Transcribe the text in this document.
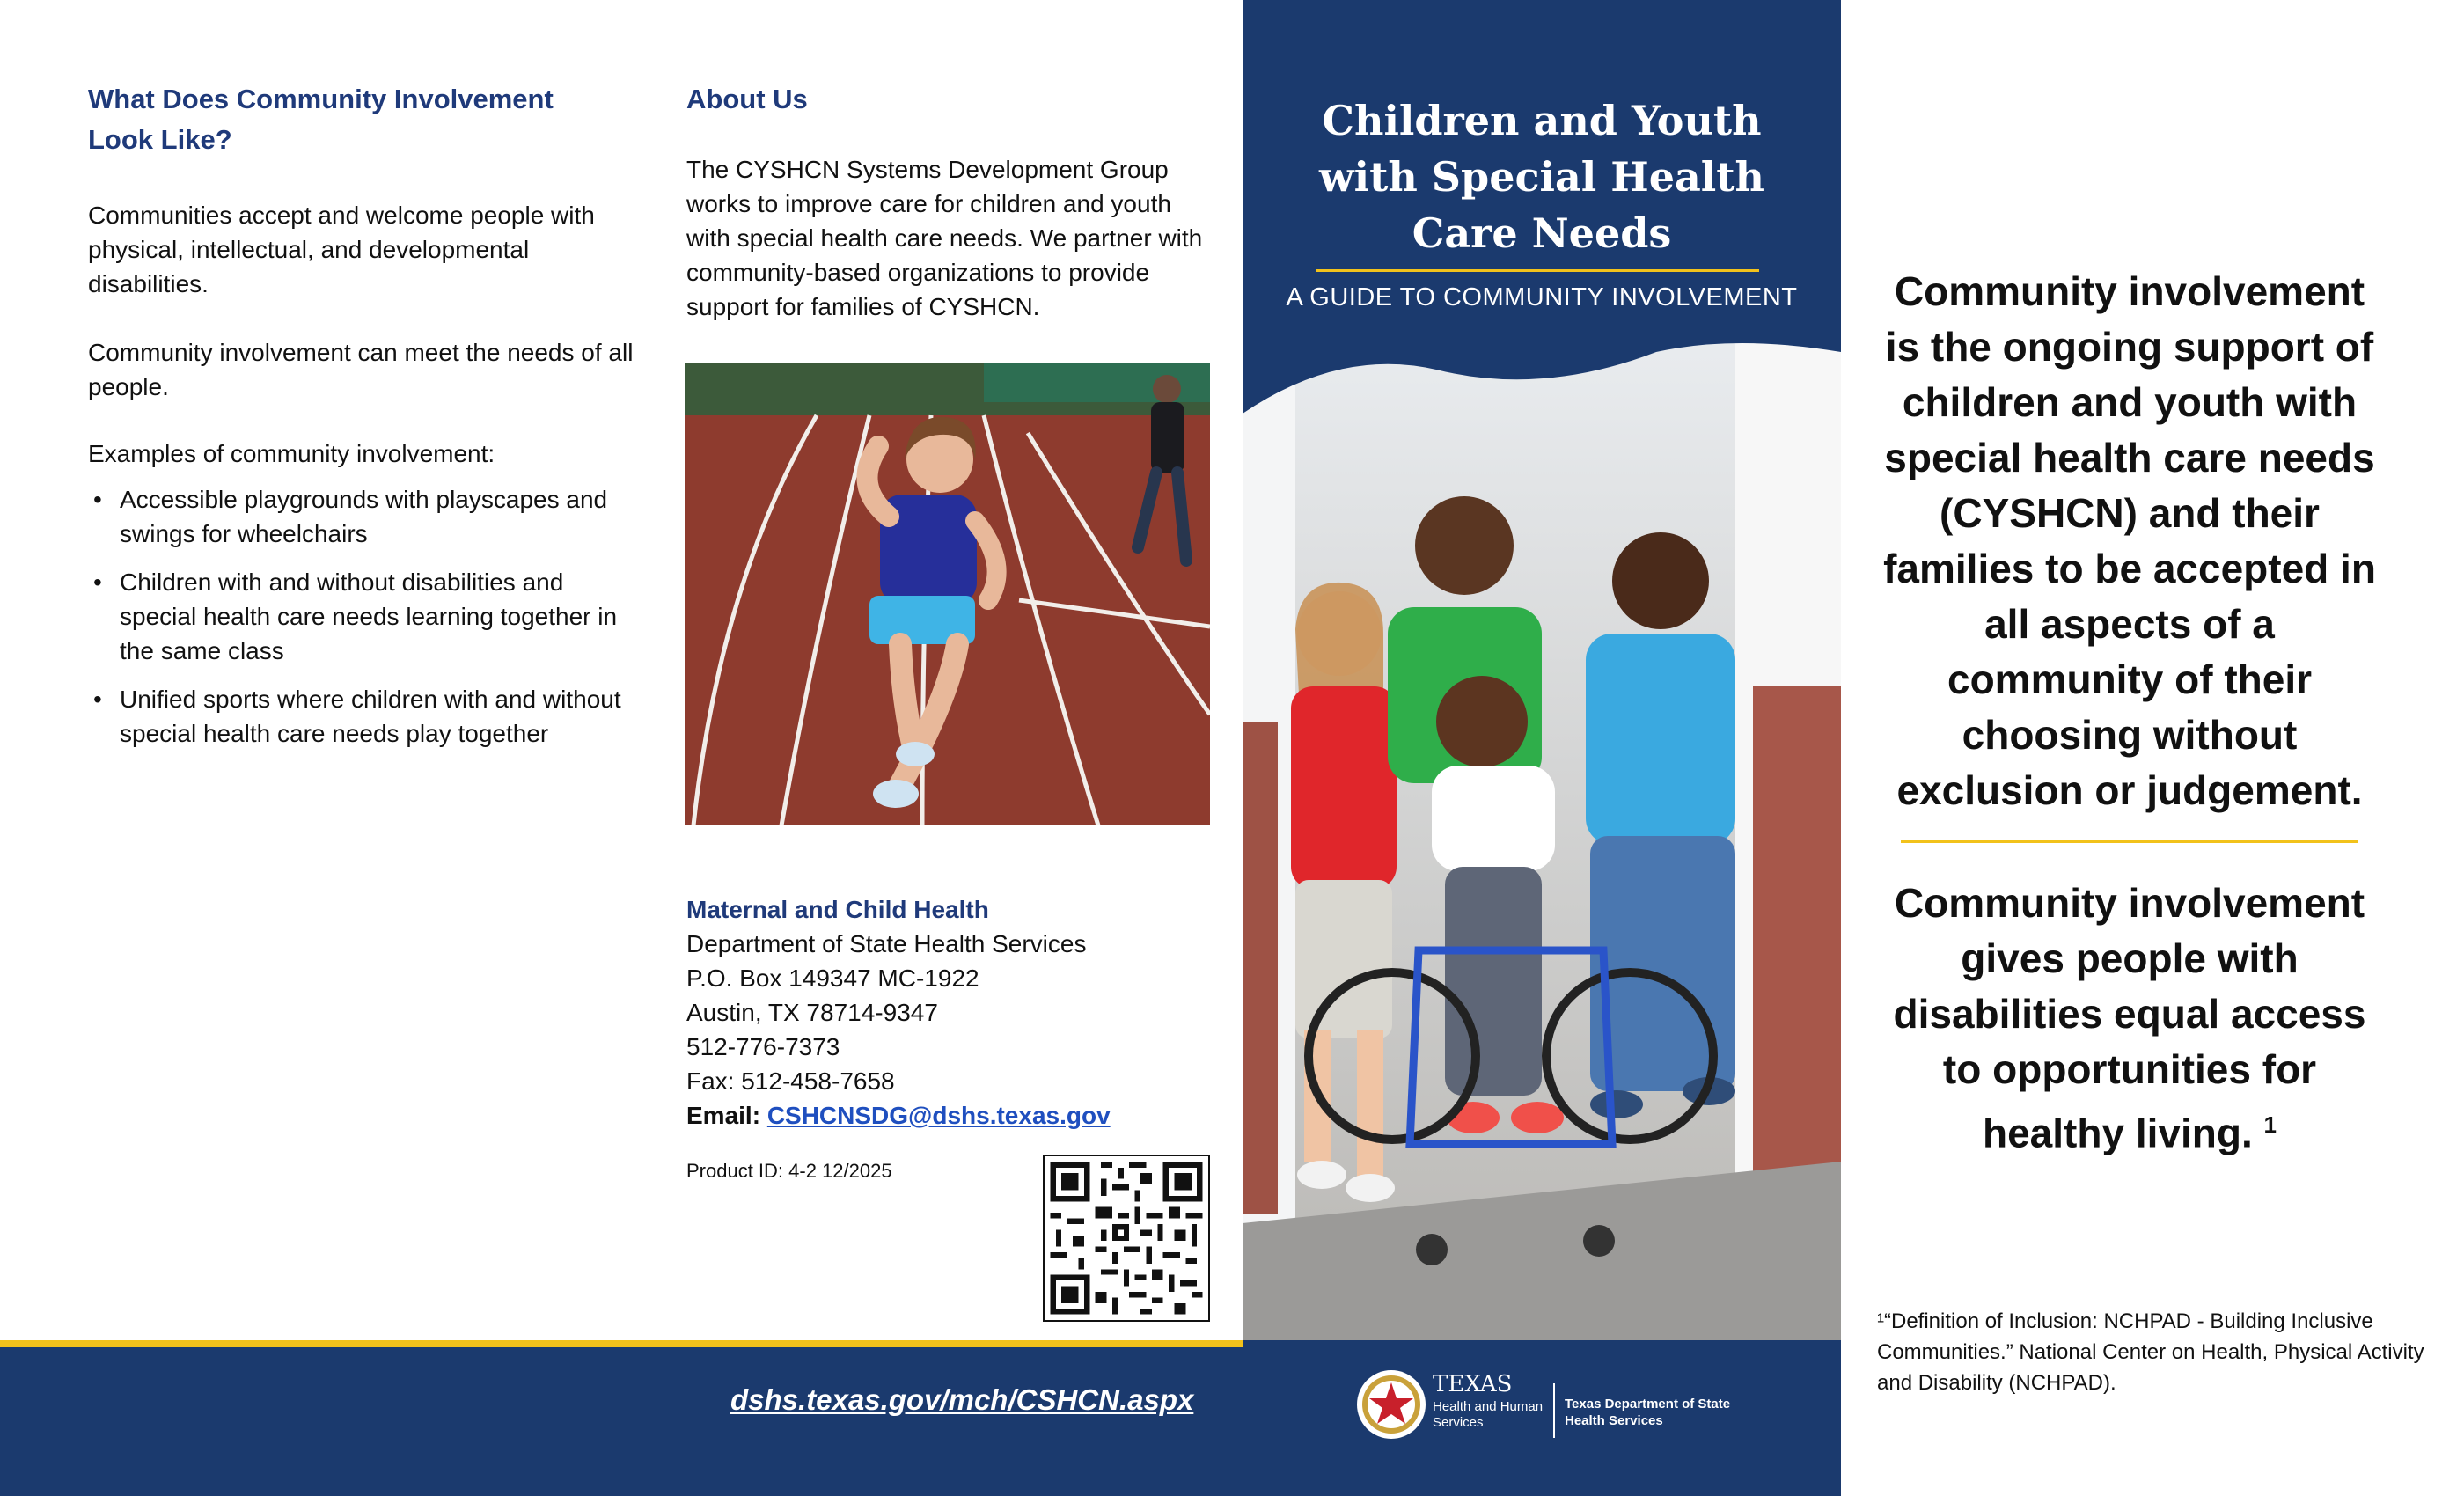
What Does Community Involvement Look Like?
Communities accept and welcome people with physical, intellectual, and developmental disabilities.
Community involvement can meet the needs of all people.
Examples of community involvement:
• Accessible playgrounds with playscapes and swings for wheelchairs
• Children with and without disabilities and special health care needs learning together in the same class
• Unified sports where children with and without special health care needs play together
About Us
The CYSHCN Systems Development Group works to improve care for children and youth with special health care needs. We partner with community-based organizations to provide support for families of CYSHCN.
Maternal and Child Health
Department of State Health Services
P.O. Box 149347 MC-1922
Austin, TX 78714-9347
512-776-7373
Fax: 512-458-7658
Email: CSHCNSDG@dshs.texas.gov
Product ID: 4-2 12/2025
dshs.texas.gov/mch/CSHCN.aspx
Children and Youth
with Special Health
Care Needs
A GUIDE TO COMMUNITY INVOLVEMENT
TEXAS
Health and Human
Services
Texas Department of State
Health Services
Community involvement is the ongoing support of children and youth with special health care needs (CYSHCN) and their families to be accepted in all aspects of a community of their choosing without exclusion or judgement.
Community involvement gives people with disabilities equal access to opportunities for healthy living. $^1$
¹“Definition of Inclusion: NCHPAD - Building Inclusive Communities.” National Center on Health, Physical Activity and Disability (NCHPAD).
